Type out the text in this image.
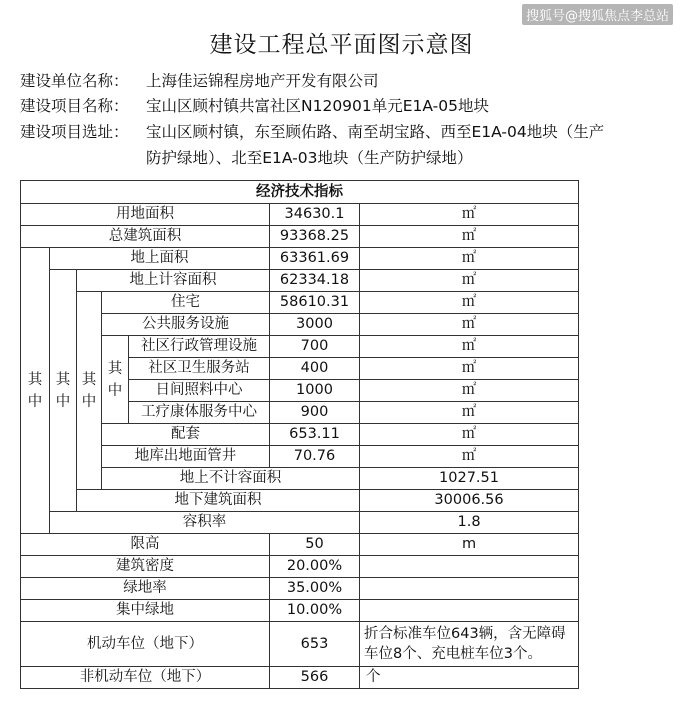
搜狐号@搜狐焦点李总站
建设工程总平面图示意图
建设单位名称： 上海佳运锦程房地产开发有限公司
建设项目名称： 宝山区顾村镇共富社区N120901单元E1A-05地块
建设项目选址： 宝山区顾村镇，东至顾佑路、南至胡宝路、西至E1A-04地块（生产
防护绿地）、北至E1A-03地块（生产防护绿地）
经济技术指标							
用地面积					34630.1	㎡	
总建筑面积					93368.25	㎡	
其中	地上面积				63361.69	㎡	
	其中	地上计容面积			62334.18	㎡	
		其中	住宅		58610.31	㎡	
			公共服务设施		3000	㎡	
			其中	社区行政管理设施	700	㎡	
				社区卫生服务站	400	㎡	
				日间照料中心	1000	㎡	
				工疗康体服务中心	900	㎡	
			配套		653.11	㎡	
			地库出地面管井		70.76	㎡	
			地上不计容面积			1027.51	
		地下建筑面积				30006.56	
	容积率					1.8	
限高					50	m	
建筑密度					20.00%		
绿地率					35.00%		
集中绿地					10.00%		
机动车位（地下）					653	折合标准车位643辆，含无障碍车位8个、充电桩车位3个。	
非机动车位（地下）					566	个	
